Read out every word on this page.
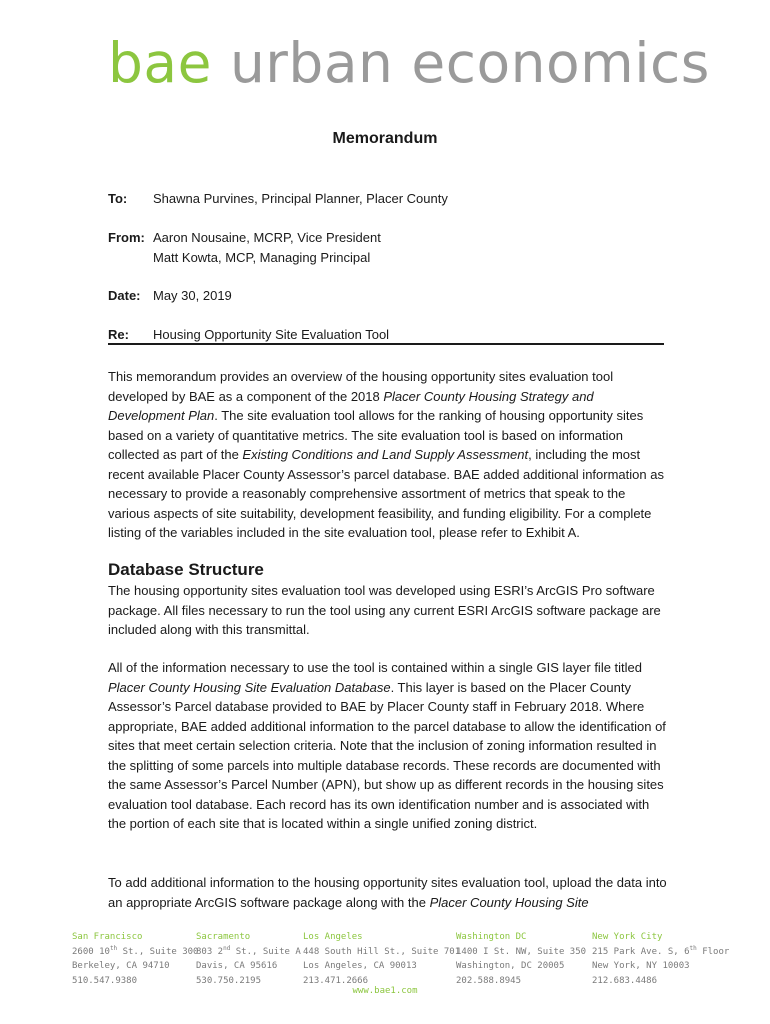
bae urban economics
Memorandum
To: Shawna Purvines, Principal Planner, Placer County
From: Aaron Nousaine, MCRP, Vice President
Matt Kowta, MCP, Managing Principal
Date: May 30, 2019
Re: Housing Opportunity Site Evaluation Tool

This memorandum provides an overview of the housing opportunity sites evaluation tool developed by BAE as a component of the 2018 Placer County Housing Strategy and Development Plan. The site evaluation tool allows for the ranking of housing opportunity sites based on a variety of quantitative metrics. The site evaluation tool is based on information collected as part of the Existing Conditions and Land Supply Assessment, including the most recent available Placer County Assessor’s parcel database. BAE added additional information as necessary to provide a reasonably comprehensive assortment of metrics that speak to the various aspects of site suitability, development feasibility, and funding eligibility. For a complete listing of the variables included in the site evaluation tool, please refer to Exhibit A.

Database Structure

The housing opportunity sites evaluation tool was developed using ESRI’s ArcGIS Pro software package. All files necessary to run the tool using any current ESRI ArcGIS software package are included along with this transmittal.

All of the information necessary to use the tool is contained within a single GIS layer file titled Placer County Housing Site Evaluation Database. This layer is based on the Placer County Assessor’s Parcel database provided to BAE by Placer County staff in February 2018. Where appropriate, BAE added additional information to the parcel database to allow the identification of sites that meet certain selection criteria. Note that the inclusion of zoning information resulted in the splitting of some parcels into multiple database records. These records are documented with the same Assessor’s Parcel Number (APN), but show up as different records in the housing sites evaluation tool database. Each record has its own identification number and is associated with the portion of each site that is located within a single unified zoning district.

To add additional information to the housing opportunity sites evaluation tool, upload the data into an appropriate ArcGIS software package along with the Placer County Housing Site

San Francisco
2600 10th St., Suite 300
Berkeley, CA 94710
510.547.9380
Sacramento
803 2nd St., Suite A
Davis, CA 95616
530.750.2195
Los Angeles
448 South Hill St., Suite 701
Los Angeles, CA 90013
213.471.2666
Washington DC
1400 I St. NW, Suite 350
Washington, DC 20005
202.588.8945
New York City
215 Park Ave. S, 6th Floor
New York, NY 10003
212.683.4486
www.bae1.com
